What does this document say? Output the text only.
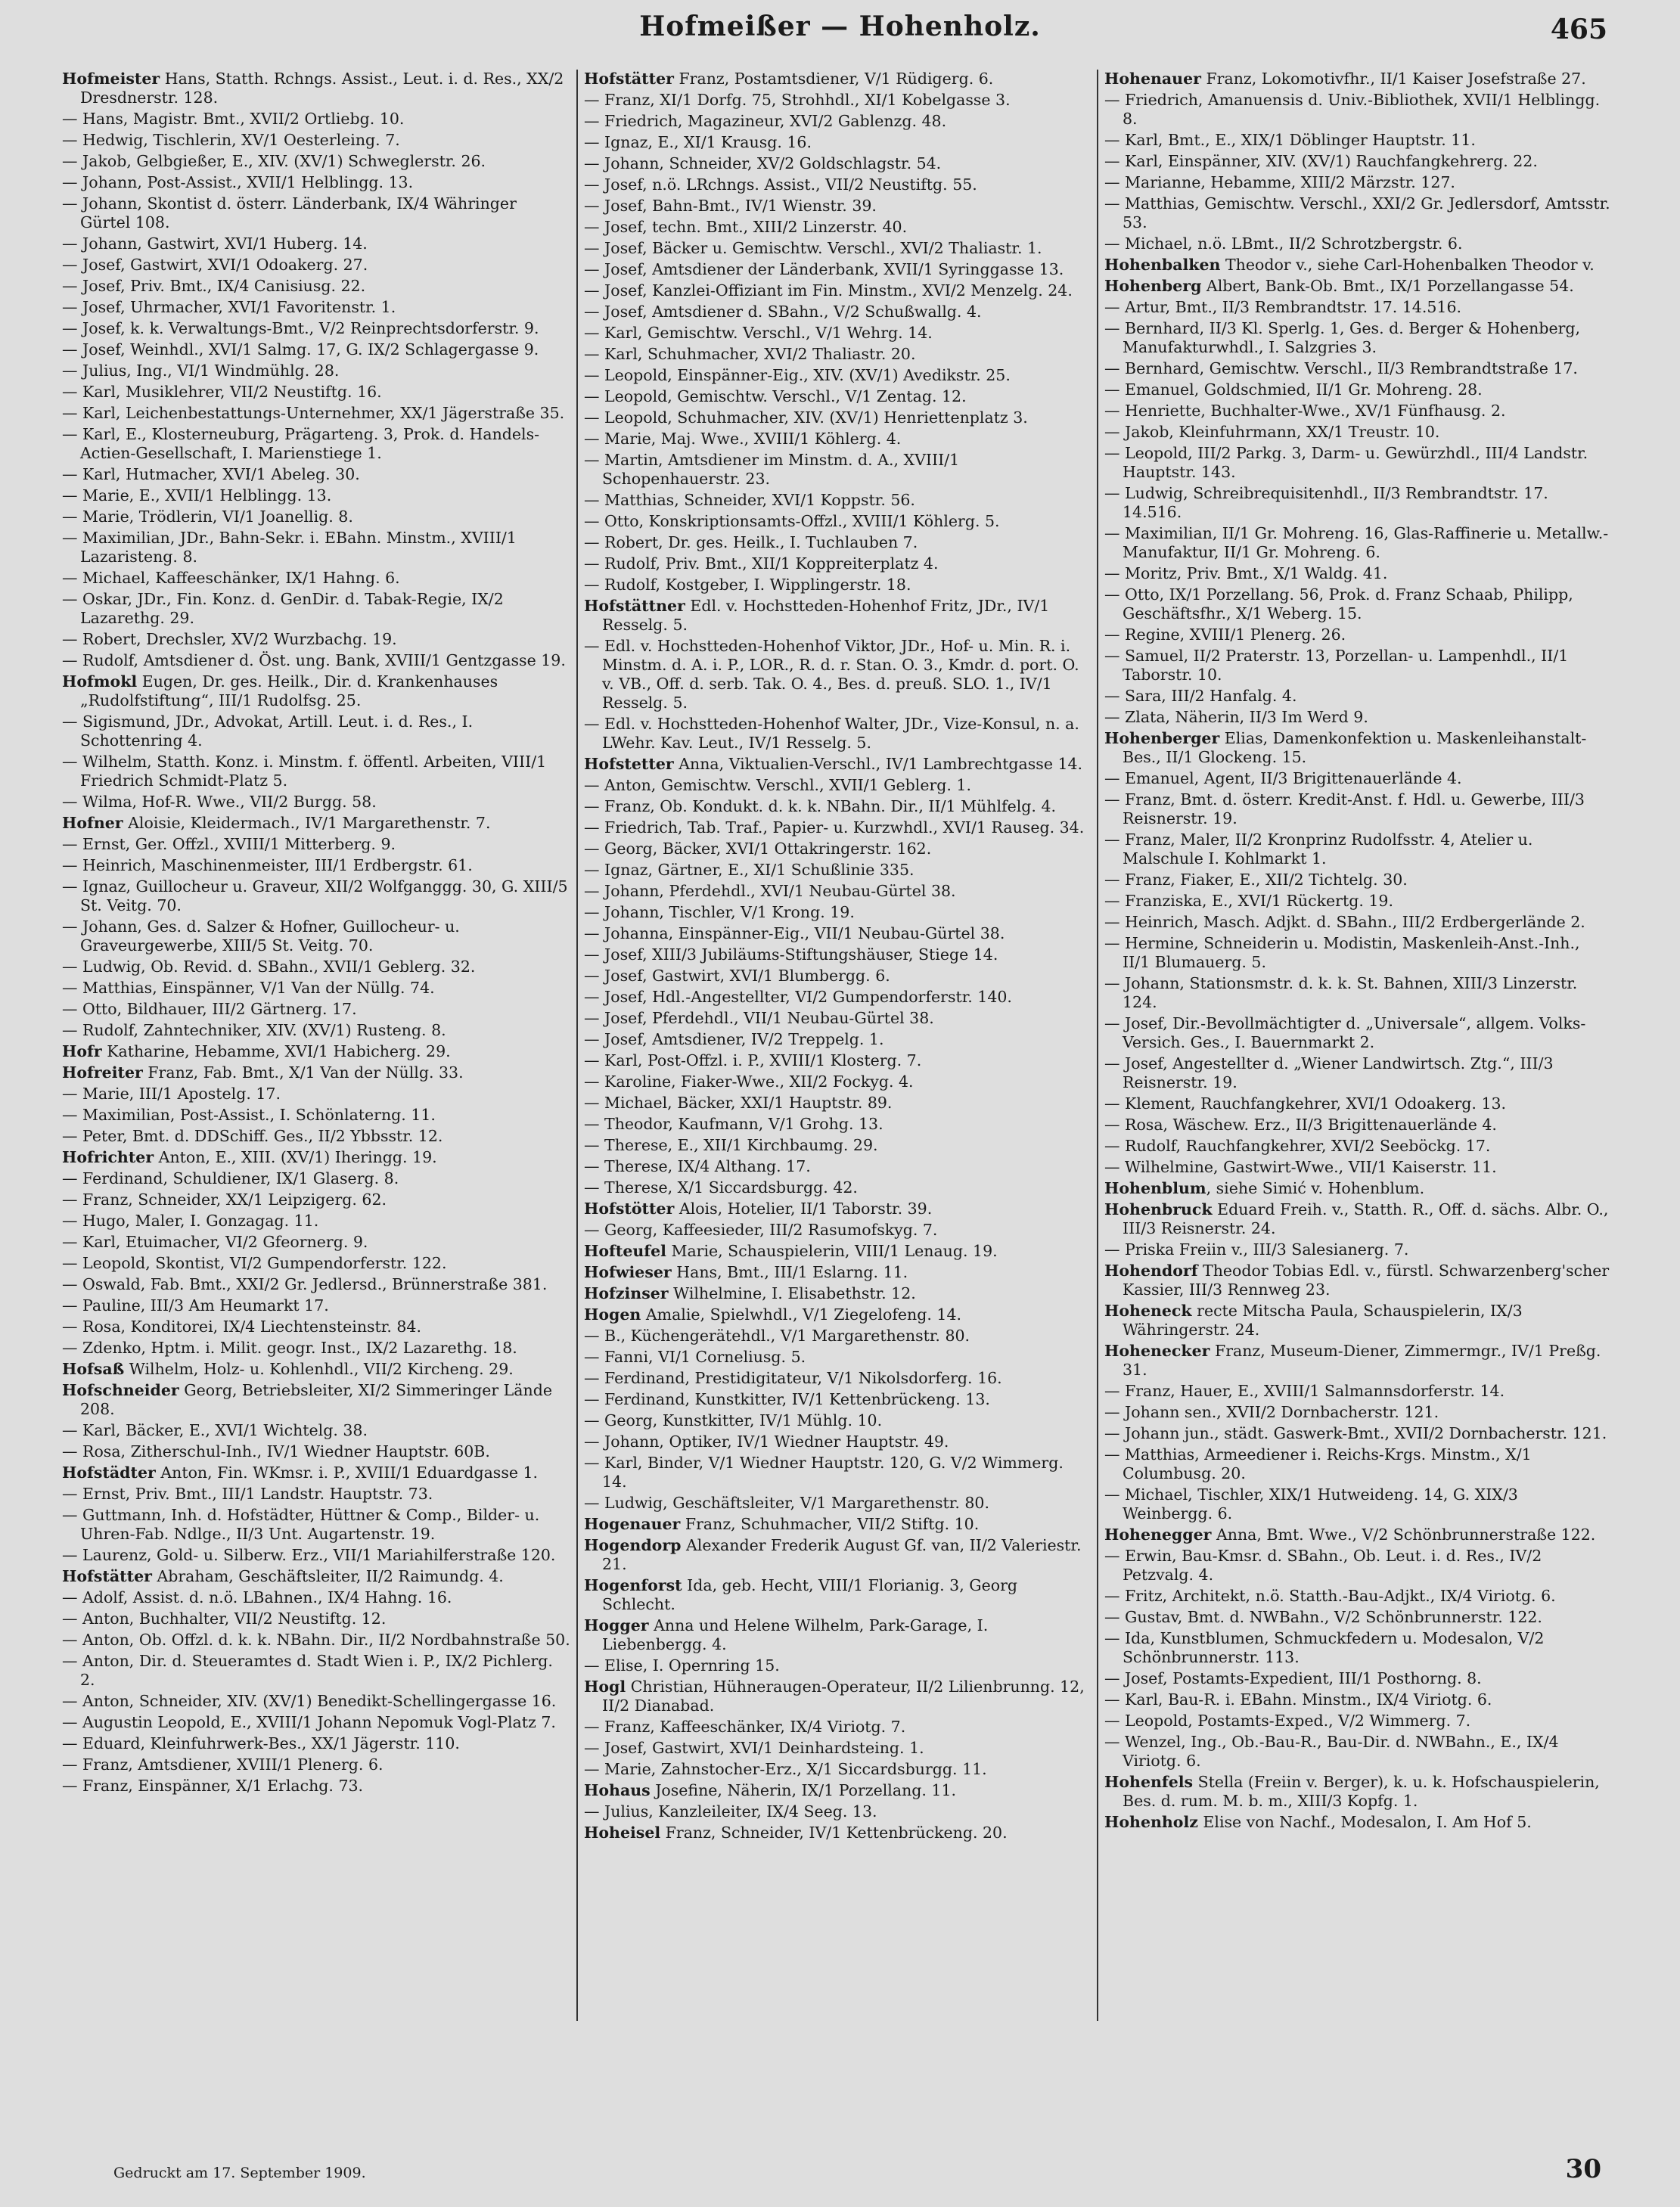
Hofmeißer — Hohenholz.	465
Hofmeister Hans, Statth. Rchngs. Assist., Leut. i. d. Res., XX/2 Dresdnerstr. 128.
— Hans, Magistr. Bmt., XVII/2 Ortliebg. 10.
— Hedwig, Tischlerin, XV/1 Oesterleing. 7.
— Jakob, Gelbgießer, E., XIV. (XV/1) Schweglerstr. 26.
— Johann, Post-Assist., XVII/1 Helblingg. 13.
— Johann, Skontist d. österr. Länderbank, IX/4 Währinger Gürtel 108.
— Johann, Gastwirt, XVI/1 Huberg. 14.
— Josef, Gastwirt, XVI/1 Odoakerg. 27.
— Josef, Priv. Bmt., IX/4 Canisiusg. 22.
— Josef, Uhrmacher, XVI/1 Favoritenstr. 1.
— Josef, k. k. Verwaltungs-Bmt., V/2 Reinprechtsdorferstr. 9.
— Josef, Weinhdl., XVI/1 Salmg. 17, G. IX/2 Schlagergasse 9.
— Julius, Ing., VI/1 Windmühlg. 28.
— Karl, Musiklehrer, VII/2 Neustiftg. 16.
— Karl, Leichenbestattungs-Unternehmer, XX/1 Jägerstraße 35.
— Karl, E., Klosterneuburg, Prägarteng. 3, Prok. d. Handels-Actien-Gesellschaft, I. Marienstiege 1.
— Karl, Hutmacher, XVI/1 Abeleg. 30.
— Marie, E., XVII/1 Helblingg. 13.
— Marie, Trödlerin, VI/1 Joanellig. 8.
— Maximilian, JDr., Bahn-Sekr. i. EBahn. Minstm., XVIII/1 Lazaristeng. 8.
— Michael, Kaffeeschänker, IX/1 Hahng. 6.
— Oskar, JDr., Fin. Konz. d. GenDir. d. Tabak-Regie, IX/2 Lazarethg. 29.
— Robert, Drechsler, XV/2 Wurzbachg. 19.
— Rudolf, Amtsdiener d. Öst. ung. Bank, XVIII/1 Gentzgasse 19.
Hofmokl Eugen, Dr. ges. Heilk., Dir. d. Krankenhauses „Rudolfstiftung“, III/1 Rudolfsg. 25.
— Sigismund, JDr., Advokat, Artill. Leut. i. d. Res., I. Schottenring 4.
— Wilhelm, Statth. Konz. i. Minstm. f. öffentl. Arbeiten, VIII/1 Friedrich Schmidt-Platz 5.
— Wilma, Hof-R. Wwe., VII/2 Burgg. 58.
Hofner Aloisie, Kleidermach., IV/1 Margarethenstr. 7.
— Ernst, Ger. Offzl., XVIII/1 Mitterberg. 9.
— Heinrich, Maschinenmeister, III/1 Erdbergstr. 61.
— Ignaz, Guillocheur u. Graveur, XII/2 Wolfganggg. 30, G. XIII/5 St. Veitg. 70.
— Johann, Ges. d. Salzer & Hofner, Guillocheur- u. Graveurgewerbe, XIII/5 St. Veitg. 70.
— Ludwig, Ob. Revid. d. SBahn., XVII/1 Geblerg. 32.
— Matthias, Einspänner, V/1 Van der Nüllg. 74.
— Otto, Bildhauer, III/2 Gärtnerg. 17.
— Rudolf, Zahntechniker, XIV. (XV/1) Rusteng. 8.
Hofr Katharine, Hebamme, XVI/1 Habicherg. 29.
Hofreiter Franz, Fab. Bmt., X/1 Van der Nüllg. 33.
— Marie, III/1 Apostelg. 17.
— Maximilian, Post-Assist., I. Schönlaterng. 11.
— Peter, Bmt. d. DDSchiff. Ges., II/2 Ybbsstr. 12.
Hofrichter Anton, E., XIII. (XV/1) Iheringg. 19.
— Ferdinand, Schuldiener, IX/1 Glaserg. 8.
— Franz, Schneider, XX/1 Leipzigerg. 62.
— Hugo, Maler, I. Gonzagag. 11.
— Karl, Etuimacher, VI/2 Gfeornerg. 9.
— Leopold, Skontist, VI/2 Gumpendorferstr. 122.
— Oswald, Fab. Bmt., XXI/2 Gr. Jedlersd., Brünnerstraße 381.
— Pauline, III/3 Am Heumarkt 17.
— Rosa, Konditorei, IX/4 Liechtensteinstr. 84.
— Zdenko, Hptm. i. Milit. geogr. Inst., IX/2 Lazarethg. 18.
Hofsaß Wilhelm, Holz- u. Kohlenhdl., VII/2 Kircheng. 29.
Hofschneider Georg, Betriebsleiter, XI/2 Simmeringer Lände 208.
— Karl, Bäcker, E., XVI/1 Wichtelg. 38.
— Rosa, Zitherschul-Inh., IV/1 Wiedner Hauptstr. 60B.
Hofstädter Anton, Fin. WKmsr. i. P., XVIII/1 Eduardgasse 1.
— Ernst, Priv. Bmt., III/1 Landstr. Hauptstr. 73.
— Guttmann, Inh. d. Hofstädter, Hüttner & Comp., Bilder- u. Uhren-Fab. Ndlge., II/3 Unt. Augartenstr. 19.
— Laurenz, Gold- u. Silberw. Erz., VII/1 Mariahilferstraße 120.
Hofstätter Abraham, Geschäftsleiter, II/2 Raimundg. 4.
— Adolf, Assist. d. n.ö. LBahnen., IX/4 Hahng. 16.
— Anton, Buchhalter, VII/2 Neustiftg. 12.
— Anton, Ob. Offzl. d. k. k. NBahn. Dir., II/2 Nordbahnstraße 50.
— Anton, Dir. d. Steueramtes d. Stadt Wien i. P., IX/2 Pichlerg. 2.
— Anton, Schneider, XIV. (XV/1) Benedikt-Schellingergasse 16.
— Augustin Leopold, E., XVIII/1 Johann Nepomuk Vogl-Platz 7.
— Eduard, Kleinfuhrwerk-Bes., XX/1 Jägerstr. 110.
— Franz, Amtsdiener, XVIII/1 Plenerg. 6.
— Franz, Einspänner, X/1 Erlachg. 73.
Hofstätter Franz, Postamtsdiener, V/1 Rüdigerg. 6.
— Franz, XI/1 Dorfg. 75, Strohhdl., XI/1 Kobelgasse 3.
— Friedrich, Magazineur, XVI/2 Gablenzg. 48.
— Ignaz, E., XI/1 Krausg. 16.
— Johann, Schneider, XV/2 Goldschlagstr. 54.
— Josef, n.ö. LRchngs. Assist., VII/2 Neustiftg. 55.
— Josef, Bahn-Bmt., IV/1 Wienstr. 39.
— Josef, techn. Bmt., XIII/2 Linzerstr. 40.
— Josef, Bäcker u. Gemischtw. Verschl., XVI/2 Thaliastr. 1.
— Josef, Amtsdiener der Länderbank, XVII/1 Syringgasse 13.
— Josef, Kanzlei-Offiziant im Fin. Minstm., XVI/2 Menzelg. 24.
— Josef, Amtsdiener d. SBahn., V/2 Schußwallg. 4.
— Karl, Gemischtw. Verschl., V/1 Wehrg. 14.
— Karl, Schuhmacher, XVI/2 Thaliastr. 20.
— Leopold, Einspänner-Eig., XIV. (XV/1) Avedikstr. 25.
— Leopold, Gemischtw. Verschl., V/1 Zentag. 12.
— Leopold, Schuhmacher, XIV. (XV/1) Henriettenplatz 3.
— Marie, Maj. Wwe., XVIII/1 Köhlerg. 4.
— Martin, Amtsdiener im Minstm. d. A., XVIII/1 Schopenhauerstr. 23.
— Matthias, Schneider, XVI/1 Koppstr. 56.
— Otto, Konskriptionsamts-Offzl., XVIII/1 Köhlerg. 5.
— Robert, Dr. ges. Heilk., I. Tuchlauben 7.
— Rudolf, Priv. Bmt., XII/1 Koppreiterplatz 4.
— Rudolf, Kostgeber, I. Wipplingerstr. 18.
Hofstättner Edl. v. Hochstteden-Hohenhof Fritz, JDr., IV/1 Resselg. 5.
— Edl. v. Hochstteden-Hohenhof Viktor, JDr., Hof- u. Min. R. i. Minstm. d. A. i. P., LOR., R. d. r. Stan. O. 3., Kmdr. d. port. O. v. VB., Off. d. serb. Tak. O. 4., Bes. d. preuß. SLO. 1., IV/1 Resselg. 5.
— Edl. v. Hochstteden-Hohenhof Walter, JDr., Vize-Konsul, n. a. LWehr. Kav. Leut., IV/1 Resselg. 5.
Hofstetter Anna, Viktualien-Verschl., IV/1 Lambrechtgasse 14.
— Anton, Gemischtw. Verschl., XVII/1 Geblerg. 1.
— Franz, Ob. Kondukt. d. k. k. NBahn. Dir., II/1 Mühlfelg. 4.
— Friedrich, Tab. Traf., Papier- u. Kurzwhdl., XVI/1 Rauseg. 34.
— Georg, Bäcker, XVI/1 Ottakringerstr. 162.
— Ignaz, Gärtner, E., XI/1 Schußlinie 335.
— Johann, Pferdehdl., XVI/1 Neubau-Gürtel 38.
— Johann, Tischler, V/1 Krong. 19.
— Johanna, Einspänner-Eig., VII/1 Neubau-Gürtel 38.
— Josef, XIII/3 Jubiläums-Stiftungshäuser, Stiege 14.
— Josef, Gastwirt, XVI/1 Blumbergg. 6.
— Josef, Hdl.-Angestellter, VI/2 Gumpendorferstr. 140.
— Josef, Pferdehdl., VII/1 Neubau-Gürtel 38.
— Josef, Amtsdiener, IV/2 Treppelg. 1.
— Karl, Post-Offzl. i. P., XVIII/1 Klosterg. 7.
— Karoline, Fiaker-Wwe., XII/2 Fockyg. 4.
— Michael, Bäcker, XXI/1 Hauptstr. 89.
— Theodor, Kaufmann, V/1 Grohg. 13.
— Therese, E., XII/1 Kirchbaumg. 29.
— Therese, IX/4 Althang. 17.
— Therese, X/1 Siccardsburgg. 42.
Hofstötter Alois, Hotelier, II/1 Taborstr. 39.
— Georg, Kaffeesieder, III/2 Rasumofskyg. 7.
Hofteufel Marie, Schauspielerin, VIII/1 Lenaug. 19.
Hofwieser Hans, Bmt., III/1 Eslarng. 11.
Hofzinser Wilhelmine, I. Elisabethstr. 12.
Hogen Amalie, Spielwhdl., V/1 Ziegelofeng. 14.
— B., Küchengerätehdl., V/1 Margarethenstr. 80.
— Fanni, VI/1 Corneliusg. 5.
— Ferdinand, Prestidigitateur, V/1 Nikolsdorferg. 16.
— Ferdinand, Kunstkitter, IV/1 Kettenbrückeng. 13.
— Georg, Kunstkitter, IV/1 Mühlg. 10.
— Johann, Optiker, IV/1 Wiedner Hauptstr. 49.
— Karl, Binder, V/1 Wiedner Hauptstr. 120, G. V/2 Wimmerg. 14.
— Ludwig, Geschäftsleiter, V/1 Margarethenstr. 80.
Hogenauer Franz, Schuhmacher, VII/2 Stiftg. 10.
Hogendorp Alexander Frederik August Gf. van, II/2 Valeriestr. 21.
Hogenforst Ida, geb. Hecht, VIII/1 Florianig. 3, Georg Schlecht.
Hogger Anna und Helene Wilhelm, Park-Garage, I. Liebenbergg. 4.
— Elise, I. Opernring 15.
Hogl Christian, Hühneraugen-Operateur, II/2 Lilienbrunng. 12, II/2 Dianabad.
— Franz, Kaffeeschänker, IX/4 Viriotg. 7.
— Josef, Gastwirt, XVI/1 Deinhardsteing. 1.
— Marie, Zahnstocher-Erz., X/1 Siccardsburgg. 11.
Hohaus Josefine, Näherin, IX/1 Porzellang. 11.
— Julius, Kanzleileiter, IX/4 Seeg. 13.
Hoheisel Franz, Schneider, IV/1 Kettenbrückeng. 20.
Hohenauer Franz, Lokomotivfhr., II/1 Kaiser Josefstraße 27.
— Friedrich, Amanuensis d. Univ.-Bibliothek, XVII/1 Helblingg. 8.
— Karl, Bmt., E., XIX/1 Döblinger Hauptstr. 11.
— Karl, Einspänner, XIV. (XV/1) Rauchfangkehrerg. 22.
— Marianne, Hebamme, XIII/2 Märzstr. 127.
— Matthias, Gemischtw. Verschl., XXI/2 Gr. Jedlersdorf, Amtsstr. 53.
— Michael, n.ö. LBmt., II/2 Schrotzbergstr. 6.
Hohenbalken Theodor v., siehe Carl-Hohenbalken Theodor v.
Hohenberg Albert, Bank-Ob. Bmt., IX/1 Porzellangasse 54.
— Artur, Bmt., II/3 Rembrandtstr. 17. 14.516.
— Bernhard, II/3 Kl. Sperlg. 1, Ges. d. Berger & Hohenberg, Manufakturwhdl., I. Salzgries 3.
— Bernhard, Gemischtw. Verschl., II/3 Rembrandtstraße 17.
— Emanuel, Goldschmied, II/1 Gr. Mohreng. 28.
— Henriette, Buchhalter-Wwe., XV/1 Fünfhausg. 2.
— Jakob, Kleinfuhrmann, XX/1 Treustr. 10.
— Leopold, III/2 Parkg. 3, Darm- u. Gewürzhdl., III/4 Landstr. Hauptstr. 143.
— Ludwig, Schreibrequisitenhdl., II/3 Rembrandtstr. 17. 14.516.
— Maximilian, II/1 Gr. Mohreng. 16, Glas-Raffinerie u. Metallw.-Manufaktur, II/1 Gr. Mohreng. 6.
— Moritz, Priv. Bmt., X/1 Waldg. 41.
— Otto, IX/1 Porzellang. 56, Prok. d. Franz Schaab, Philipp, Geschäftsfhr., X/1 Weberg. 15.
— Regine, XVIII/1 Plenerg. 26.
— Samuel, II/2 Praterstr. 13, Porzellan- u. Lampenhdl., II/1 Taborstr. 10.
— Sara, III/2 Hanfalg. 4.
— Zlata, Näherin, II/3 Im Werd 9.
Hohenberger Elias, Damenkonfektion u. Maskenleihanstalt-Bes., II/1 Glockeng. 15.
— Emanuel, Agent, II/3 Brigittenauerlände 4.
— Franz, Bmt. d. österr. Kredit-Anst. f. Hdl. u. Gewerbe, III/3 Reisnerstr. 19.
— Franz, Maler, II/2 Kronprinz Rudolfsstr. 4, Atelier u. Malschule I. Kohlmarkt 1.
— Franz, Fiaker, E., XII/2 Tichtelg. 30.
— Franziska, E., XVI/1 Rückertg. 19.
— Heinrich, Masch. Adjkt. d. SBahn., III/2 Erdbergerlände 2.
— Hermine, Schneiderin u. Modistin, Maskenleih-Anst.-Inh., II/1 Blumauerg. 5.
— Johann, Stationsmstr. d. k. k. St. Bahnen, XIII/3 Linzerstr. 124.
— Josef, Dir.-Bevollmächtigter d. „Universale“, allgem. Volks-Versich. Ges., I. Bauernmarkt 2.
— Josef, Angestellter d. „Wiener Landwirtsch. Ztg.“, III/3 Reisnerstr. 19.
— Klement, Rauchfangkehrer, XVI/1 Odoakerg. 13.
— Rosa, Wäschew. Erz., II/3 Brigittenauerlände 4.
— Rudolf, Rauchfangkehrer, XVI/2 Seeböckg. 17.
— Wilhelmine, Gastwirt-Wwe., VII/1 Kaiserstr. 11.
Hohenblum, siehe Simić v. Hohenblum.
Hohenbruck Eduard Freih. v., Statth. R., Off. d. sächs. Albr. O., III/3 Reisnerstr. 24.
— Priska Freiin v., III/3 Salesianerg. 7.
Hohendorf Theodor Tobias Edl. v., fürstl. Schwarzenberg'scher Kassier, III/3 Rennweg 23.
Hoheneck recte Mitscha Paula, Schauspielerin, IX/3 Währingerstr. 24.
Hohenecker Franz, Museum-Diener, Zimmermgr., IV/1 Preßg. 31.
— Franz, Hauer, E., XVIII/1 Salmannsdorferstr. 14.
— Johann sen., XVII/2 Dornbacherstr. 121.
— Johann jun., städt. Gaswerk-Bmt., XVII/2 Dornbacherstr. 121.
— Matthias, Armeediener i. Reichs-Krgs. Minstm., X/1 Columbusg. 20.
— Michael, Tischler, XIX/1 Hutweideng. 14, G. XIX/3 Weinbergg. 6.
Hohenegger Anna, Bmt. Wwe., V/2 Schönbrunnerstraße 122.
— Erwin, Bau-Kmsr. d. SBahn., Ob. Leut. i. d. Res., IV/2 Petzvalg. 4.
— Fritz, Architekt, n.ö. Statth.-Bau-Adjkt., IX/4 Viriotg. 6.
— Gustav, Bmt. d. NWBahn., V/2 Schönbrunnerstr. 122.
— Ida, Kunstblumen, Schmuckfedern u. Modesalon, V/2 Schönbrunnerstr. 113.
— Josef, Postamts-Expedient, III/1 Posthorng. 8.
— Karl, Bau-R. i. EBahn. Minstm., IX/4 Viriotg. 6.
— Leopold, Postamts-Exped., V/2 Wimmerg. 7.
— Wenzel, Ing., Ob.-Bau-R., Bau-Dir. d. NWBahn., E., IX/4 Viriotg. 6.
Hohenfels Stella (Freiin v. Berger), k. u. k. Hofschauspielerin, Bes. d. rum. M. b. m., XIII/3 Kopfg. 1.
Hohenholz Elise von Nachf., Modesalon, I. Am Hof 5.
Gedruckt am 17. September 1909.	30
